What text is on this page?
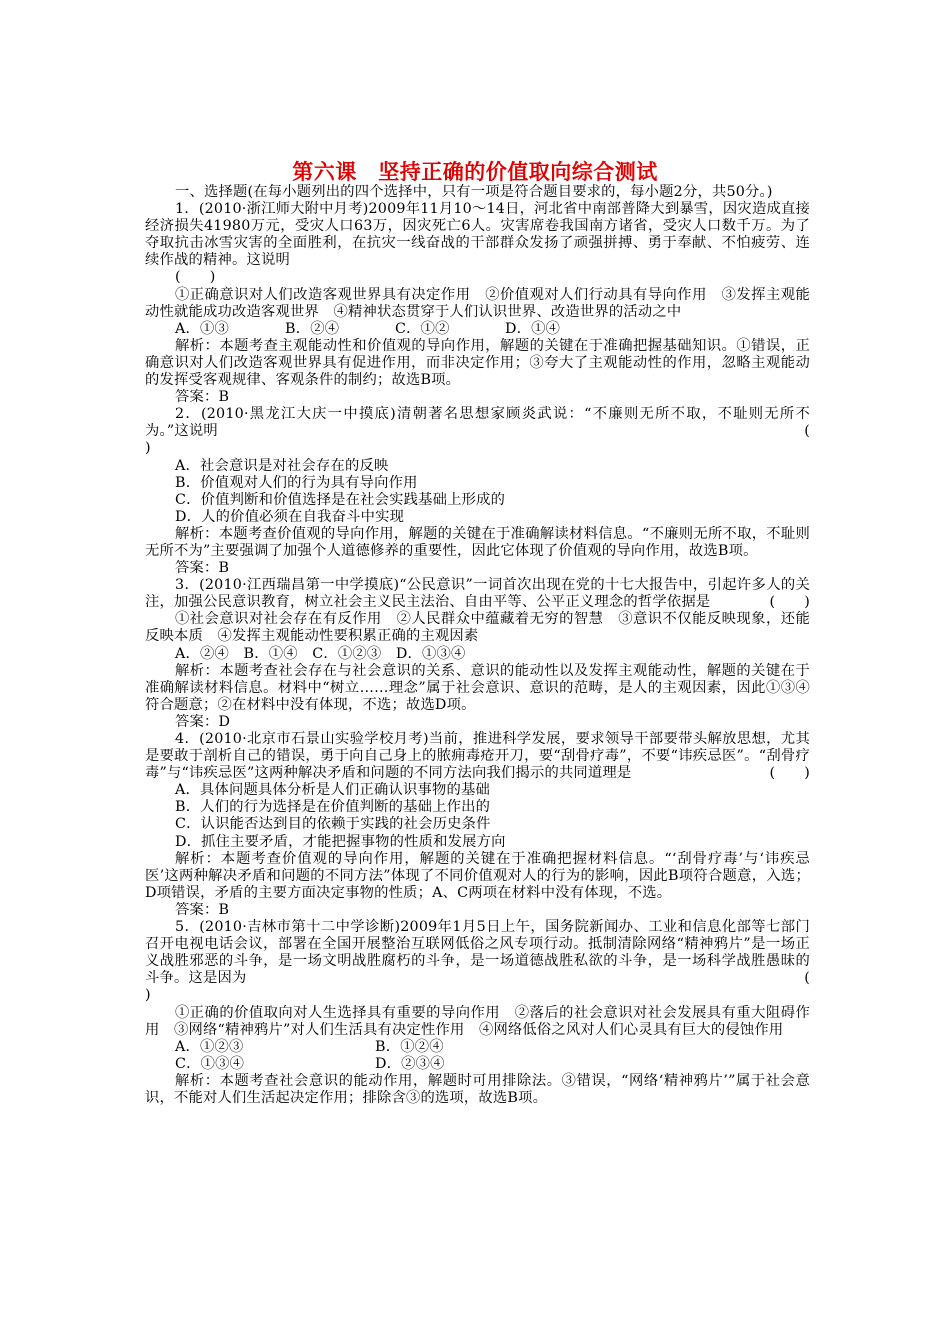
第六课　坚持正确的价值取向综合测试

一、选择题(在每小题列出的四个选择中，只有一项是符合题目要求的，每小题2分，共50分。)

1．(2010·浙江师大附中月考)2009年11月10～14日，河北省中南部普降大到暴雪，因灾造成直接经济损失41980万元，受灾人口63万，因灾死亡6人。灾害席卷我国南方诸省，受灾人口数千万。为了夺取抗击冰雪灾害的全面胜利，在抗灾一线奋战的干部群众发扬了顽强拼搏、勇于奉献、不怕疲劳、连续作战的精神。这说明

(　　)

①正确意识对人们改造客观世界具有决定作用　②价值观对人们行动具有导向作用　③发挥主观能动性就能成功改造客观世界　④精神状态贯穿于人们认识世界、改造世界的活动之中

A．①③	B．②④	C．①②	D．①④

解析：本题考查主观能动性和价值观的导向作用，解题的关键在于准确把握基础知识。①错误，正确意识对人们改造客观世界具有促进作用，而非决定作用；③夸大了主观能动性的作用，忽略主观能动的发挥受客观规律、客观条件的制约；故选B项。

答案：B

2．(2010·黑龙江大庆一中摸底)清朝著名思想家顾炎武说：“不廉则无所不取，不耻则无所不为。”这说明	(

)

A．社会意识是对社会存在的反映

B．价值观对人们的行为具有导向作用

C．价值判断和价值选择是在社会实践基础上形成的

D．人的价值必须在自我奋斗中实现

解析：本题考查价值观的导向作用，解题的关键在于准确解读材料信息。“不廉则无所不取，不耻则无所不为”主要强调了加强个人道德修养的重要性，因此它体现了价值观的导向作用，故选B项。

答案：B

3．(2010·江西瑞昌第一中学摸底)“公民意识”一词首次出现在党的十七大报告中，引起许多人的关注，加强公民意识教育，树立社会主义民主法治、自由平等、公平正义理念的哲学依据是	(　　)

①社会意识对社会存在有反作用　②人民群众中蕴藏着无穷的智慧　③意识不仅能反映现象，还能反映本质　④发挥主观能动性要积累正确的主观因素

A．②④　B．①④　C．①②③　D．①③④

解析：本题考查社会存在与社会意识的关系、意识的能动性以及发挥主观能动性，解题的关键在于准确解读材料信息。材料中“树立……理念”属于社会意识、意识的范畴，是人的主观因素，因此①③④符合题意；②在材料中没有体现，不选；故选D项。

答案：D

4．(2010·北京市石景山实验学校月考)当前，推进科学发展，要求领导干部要带头解放思想，尤其是要敢于剖析自己的错误，勇于向自己身上的脓痈毒疮开刀，要“刮骨疗毒”，不要“讳疾忌医”。“刮骨疗毒”与“讳疾忌医”这两种解决矛盾和问题的不同方法向我们揭示的共同道理是	(　　)

A．具体问题具体分析是人们正确认识事物的基础

B．人们的行为选择是在价值判断的基础上作出的

C．认识能否达到目的依赖于实践的社会历史条件

D．抓住主要矛盾，才能把握事物的性质和发展方向

解析：本题考查价值观的导向作用，解题的关键在于准确把握材料信息。“‘刮骨疗毒’与‘讳疾忌医’这两种解决矛盾和问题的不同方法”体现了不同价值观对人的行为的影响，因此B项符合题意，入选；D项错误，矛盾的主要方面决定事物的性质；A、C两项在材料中没有体现，不选。

答案：B

5．(2010·吉林市第十二中学诊断)2009年1月5日上午，国务院新闻办、工业和信息化部等七部门召开电视电话会议，部署在全国开展整治互联网低俗之风专项行动。抵制清除网络“精神鸦片”是一场正义战胜邪恶的斗争，是一场文明战胜腐朽的斗争，是一场道德战胜私欲的斗争，是一场科学战胜愚昧的斗争。这是因为	(

)

①正确的价值取向对人生选择具有重要的导向作用　②落后的社会意识对社会发展具有重大阻碍作用　③网络“精神鸦片”对人们生活具有决定性作用　④网络低俗之风对人们心灵具有巨大的侵蚀作用

A．①②③	B．①②④

C．①③④	D．②③④

解析：本题考查社会意识的能动作用，解题时可用排除法。③错误，“网络‘精神鸦片’”属于社会意识，不能对人们生活起决定作用；排除含③的选项，故选B项。
